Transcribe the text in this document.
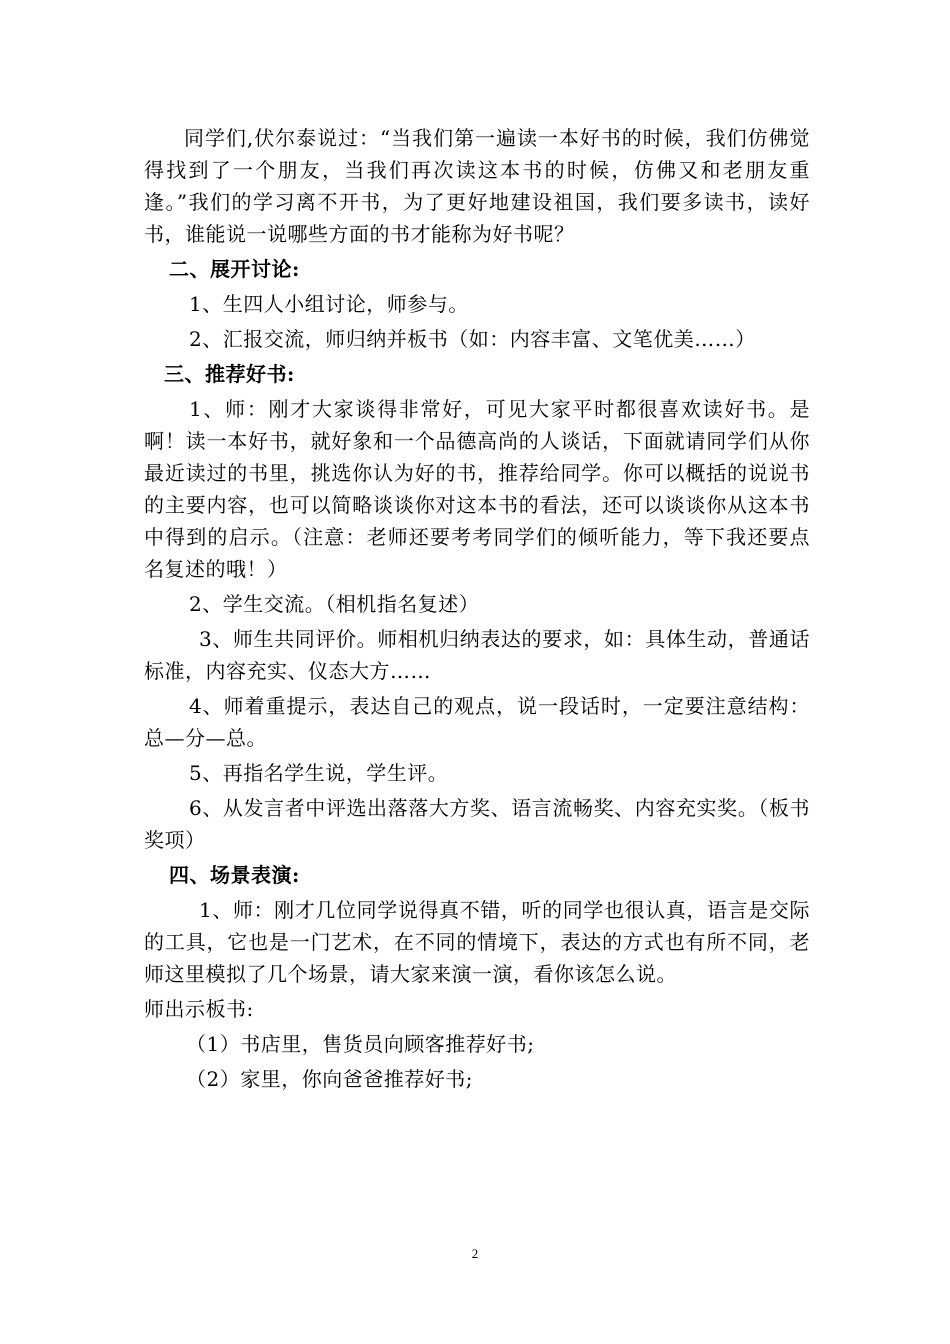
同学们,伏尔泰说过：“当我们第一遍读一本好书的时候，我们仿佛觉得找到了一个朋友，当我们再次读这本书的时候，仿佛又和老朋友重逢。”我们的学习离不开书，为了更好地建设祖国，我们要多读书，读好书，谁能说一说哪些方面的书才能称为好书呢？

二、展开讨论:

1、生四人小组讨论，师参与。

2、汇报交流，师归纳并板书（如：内容丰富、文笔优美……）

三、推荐好书:

1、师：刚才大家谈得非常好，可见大家平时都很喜欢读好书。是啊！读一本好书，就好象和一个品德高尚的人谈话，下面就请同学们从你最近读过的书里，挑选你认为好的书，推荐给同学。你可以概括的说说书的主要内容，也可以简略谈谈你对这本书的看法，还可以谈谈你从这本书中得到的启示。（注意：老师还要考考同学们的倾听能力，等下我还要点名复述的哦！）

2、学生交流。（相机指名复述）

3、师生共同评价。师相机归纳表达的要求，如：具体生动，普通话标准，内容充实、仪态大方……

4、师着重提示，表达自己的观点，说一段话时，一定要注意结构：总—分—总。

5、再指名学生说，学生评。

6、从发言者中评选出落落大方奖、语言流畅奖、内容充实奖。（板书奖项）

四、场景表演:

1、师：刚才几位同学说得真不错，听的同学也很认真，语言是交际的工具，它也是一门艺术，在不同的情境下，表达的方式也有所不同，老师这里模拟了几个场景，请大家来演一演，看你该怎么说。

师出示板书:

（1）书店里，售货员向顾客推荐好书;

（2）家里，你向爸爸推荐好书;

2
